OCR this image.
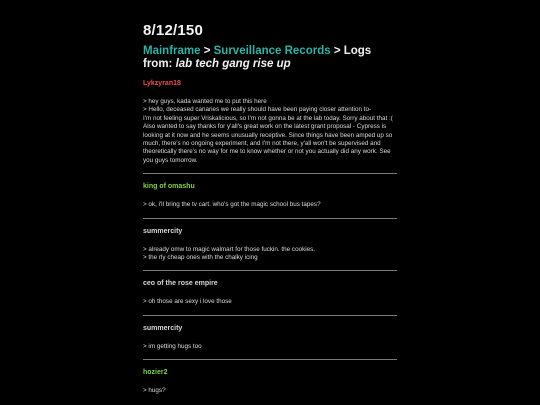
8/12/150
Mainframe > Surveillance Records > Logs
from: lab tech gang rise up
Lykzyran18
> hey guys, kada wanted me to put this here
> Hello, deceased canaries we really should have been paying closer attention to-
I'm not feeling super Vriskalicious, so I'm not gonna be at the lab today. Sorry about that :( Also wanted to say thanks for y'all's great work on the latest grant proposal - Cypress is looking at it now and he seems unusually receptive. Since things have been amped up so much, there's no ongoing experiment, and I'm not there, y'all won't be supervised and theoretically there's no way for me to know whether or not you actually did any work. See you guys tomorrow.
king of omashu
> ok, i'll bring the tv cart. who's got the magic school bus tapes?
summercity
> already omw to magic walmart for those fuckin. the cookies.
> the rly cheap ones with the chalky icing
ceo of the rose empire
> oh those are sexy i love those
summercity
> im getting hugs too
hozier2
> hugs?
